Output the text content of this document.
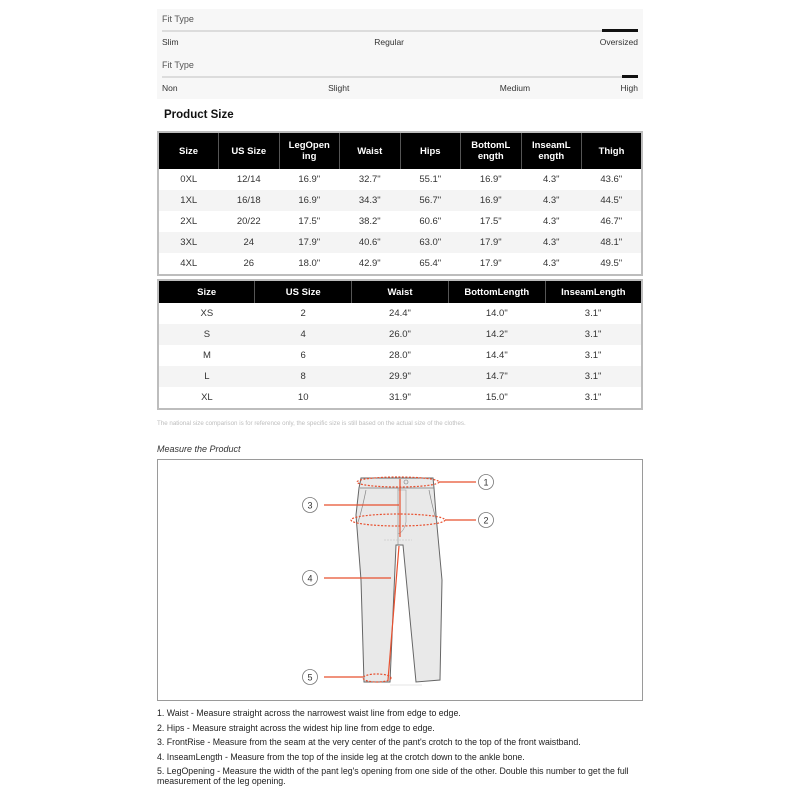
Fit Type
Slim	Regular	Oversized
Fit Type
Non	Slight	Medium	High
Product Size
Size	US Size	LegOpen ing	Waist	Hips	BottomL ength	InseamL ength	Thigh
0XL	12/14	16.9"	32.7"	55.1"	16.9"	4.3"	43.6"
1XL	16/18	16.9"	34.3"	56.7"	16.9"	4.3"	44.5"
2XL	20/22	17.5"	38.2"	60.6"	17.5"	4.3"	46.7"
3XL	24	17.9"	40.6"	63.0"	17.9"	4.3"	48.1"
4XL	26	18.0"	42.9"	65.4"	17.9"	4.3"	49.5"
Size	US Size	Waist	BottomLength	InseamLength
XS	2	24.4"	14.0"	3.1"
S	4	26.0"	14.2"	3.1"
M	6	28.0"	14.4"	3.1"
L	8	29.9"	14.7"	3.1"
XL	10	31.9"	15.0"	3.1"
The national size comparison is for reference only, the specific size is still based on the actual size of the clothes.
Measure the Product
1
2
3
4
5
1. Waist - Measure straight across the narrowest waist line from edge to edge.
2. Hips - Measure straight across the widest hip line from edge to edge.
3. FrontRise - Measure from the seam at the very center of the pant's crotch to the top of the front waistband.
4. InseamLength - Measure from the top of the inside leg at the crotch down to the ankle bone.
5. LegOpening - Measure the width of the pant leg's opening from one side of the other. Double this number to get the full measurement of the leg opening.
